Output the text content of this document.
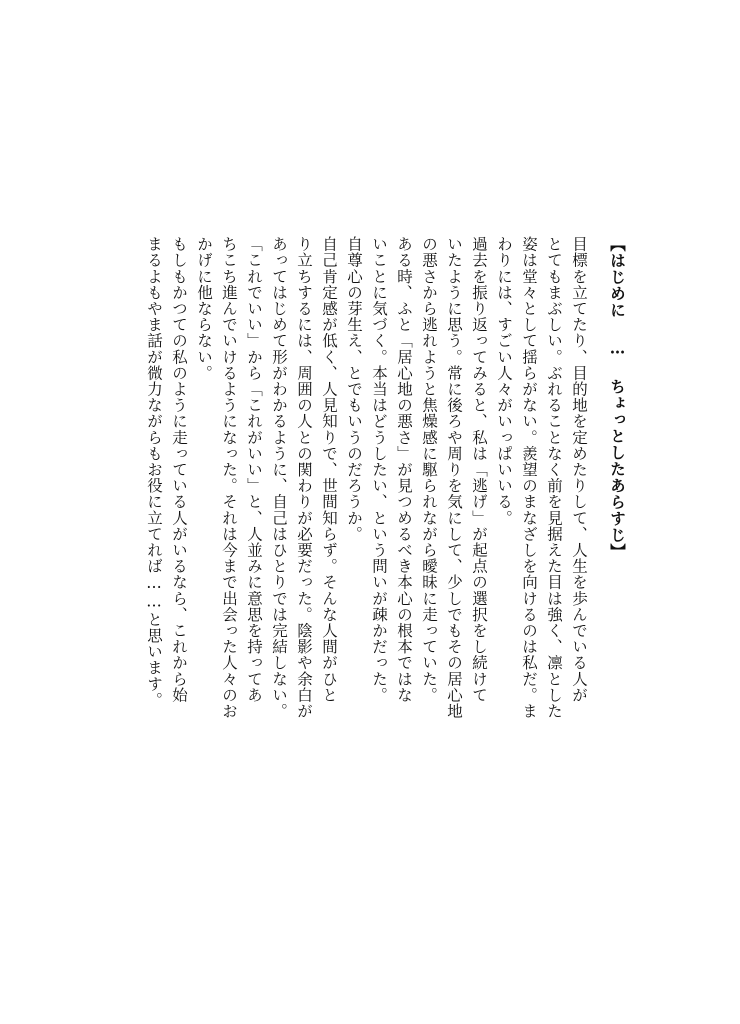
【はじめに … ちょっとしたあらすじ】
目標を立てたり、目的地を定めたりして、人生を歩んでいる人が
とてもまぶしい。ぶれることなく前を見据えた目は強く、凛とした
姿は堂々として揺らがない。羨望のまなざしを向けるのは私だ。ま
わりには、すごい人々がいっぱいいる。
過去を振り返ってみると、私は「逃げ」が起点の選択をし続けて
いたように思う。常に後ろや周りを気にして、少しでもその居心地
の悪さから逃れようと焦燥感に駆られながら曖昧に走っていた。
ある時、ふと「居心地の悪さ」が見つめるべき本心の根本ではな
いことに気づく。本当はどうしたい、という問いが疎かだった。
自尊心の芽生え、とでもいうのだろうか。
自己肯定感が低く、人見知りで、世間知らず。そんな人間がひと
り立ちするには、周囲の人との関わりが必要だった。陰影や余白が
あってはじめて形がわかるように、自己はひとりでは完結しない。
「これでいい」から「これがいい」と、人並みに意思を持ってあ
ちこち進んでいけるようになった。それは今まで出会った人々のお
かげに他ならない。
もしもかつての私のように走っている人がいるなら、これから始
まるよもやま話が微力ながらもお役に立てれば……と思います。
